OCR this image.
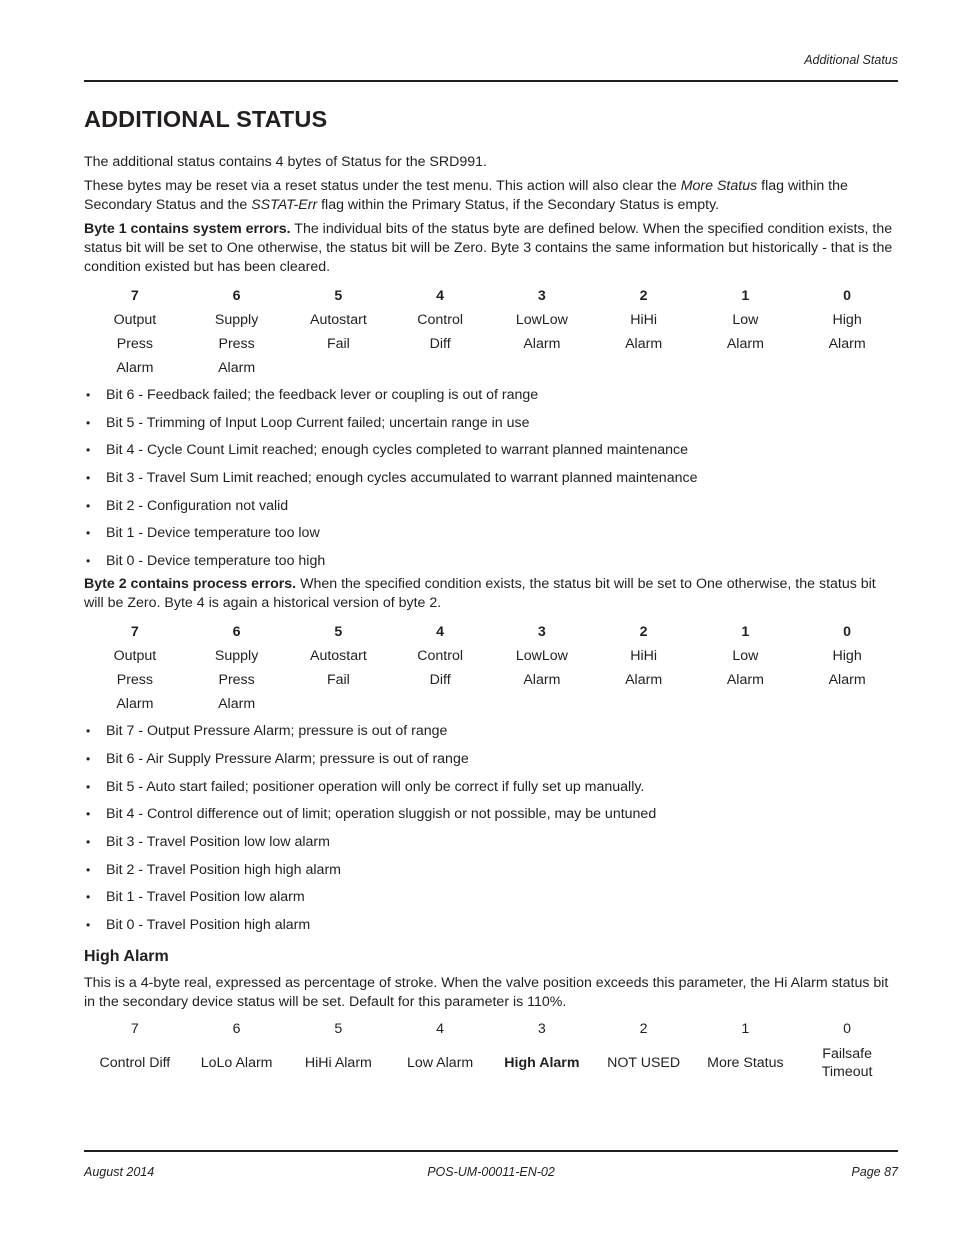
Additional Status
ADDITIONAL STATUS

The additional status contains 4 bytes of Status for the SRD991.

These bytes may be reset via a reset status under the test menu. This action will also clear the More Status flag within the Secondary Status and the SSTAT-Err flag within the Primary Status, if the Secondary Status is empty.

Byte 1 contains system errors. The individual bits of the status byte are defined below. When the specified condition exists, the status bit will be set to One otherwise, the status bit will be Zero. Byte 3 contains the same information but historically - that is the condition existed but has been cleared.

7	6	5	4	3	2	1	0
Output	Supply	Autostart	Control	LowLow	HiHi	Low	High
Press	Press	Fail	Diff	Alarm	Alarm	Alarm	Alarm
Alarm	Alarm						
• Bit 6 - Feedback failed; the feedback lever or coupling is out of range
• Bit 5 - Trimming of Input Loop Current failed; uncertain range in use
• Bit 4 - Cycle Count Limit reached; enough cycles completed to warrant planned maintenance
• Bit 3 - Travel Sum Limit reached; enough cycles accumulated to warrant planned maintenance
• Bit 2 - Configuration not valid
• Bit 1 - Device temperature too low
• Bit 0 - Device temperature too high

Byte 2 contains process errors. When the specified condition exists, the status bit will be set to One otherwise, the status bit will be Zero. Byte 4 is again a historical version of byte 2.

7	6	5	4	3	2	1	0
Output	Supply	Autostart	Control	LowLow	HiHi	Low	High
Press	Press	Fail	Diff	Alarm	Alarm	Alarm	Alarm
Alarm	Alarm						
• Bit 7 - Output Pressure Alarm; pressure is out of range
• Bit 6 - Air Supply Pressure Alarm; pressure is out of range
• Bit 5 - Auto start failed; positioner operation will only be correct if fully set up manually.
• Bit 4 - Control difference out of limit; operation sluggish or not possible, may be untuned
• Bit 3 - Travel Position low low alarm
• Bit 2 - Travel Position high high alarm
• Bit 1 - Travel Position low alarm
• Bit 0 - Travel Position high alarm
High Alarm

This is a 4-byte real, expressed as percentage of stroke. When the valve position exceeds this parameter, the Hi Alarm status bit in the secondary device status will be set. Default for this parameter is 110%.

7	6	5	4	3	2	1	0
Control Diff	LoLo Alarm	HiHi Alarm	Low Alarm	High Alarm	NOT USED	More Status	Failsafe Timeout
August 2014	POS-UM-00011-EN-02	Page 87
